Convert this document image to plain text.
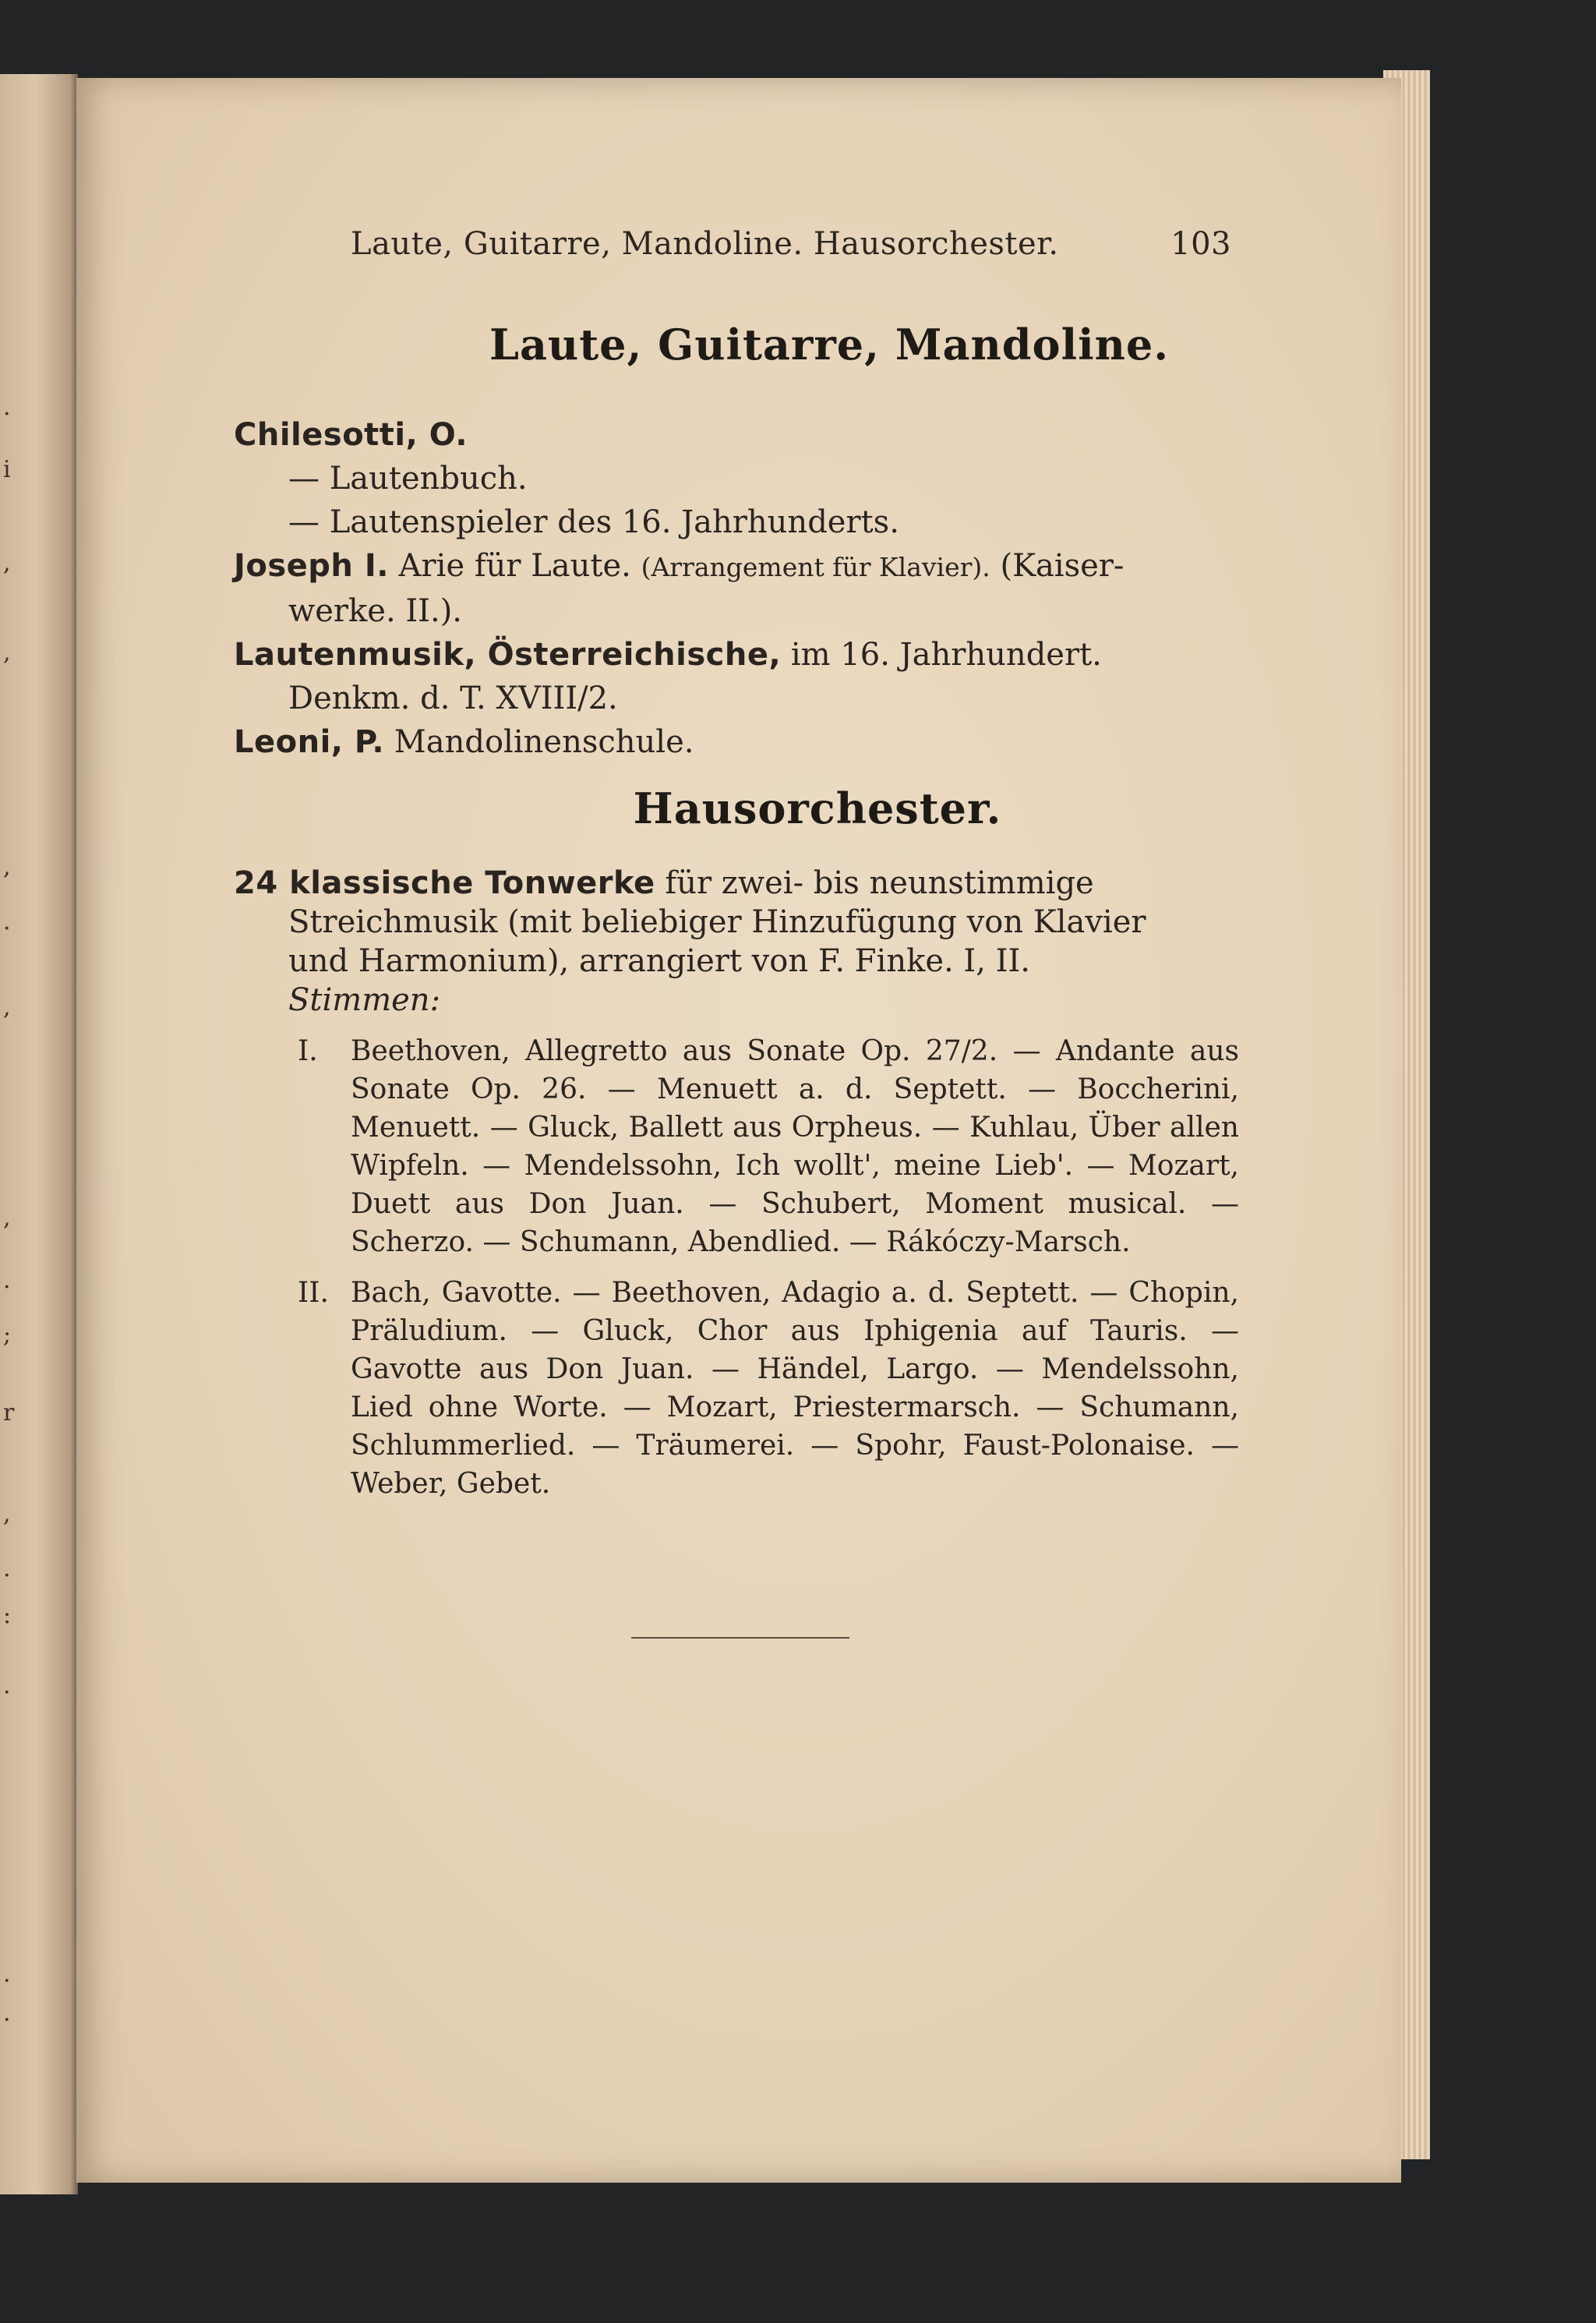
.
i
,
,
,
.
,
,
.
;
r
,
.
:
.
.
.
Laute, Guitarre, Mandoline. Hausorchester.	103
Laute, Guitarre, Mandoline.

Chilesotti, O.

— Lautenbuch.

— Lautenspieler des 16. Jahrhunderts.

Joseph I. Arie für Laute. (Arrangement für Klavier). (Kaiser-

werke. II.).

Lautenmusik, Österreichische, im 16. Jahrhundert.

Denkm. d. T. XVIII/2.

Leoni, P. Mandolinenschule.

Hausorchester.
24 klassische Tonwerke für zwei- bis neunstimmige
Streichmusik (mit beliebiger Hinzufügung von Klavier
und Harmonium), arrangiert von F. Finke. I, II.
Stimmen:
I. Beethoven, Allegretto aus Sonate Op. 27/2. — Andante aus Sonate Op. 26. — Menuett a. d. Septett. — Boccherini, Menuett. — Gluck, Ballett aus Orpheus. — Kuhlau, Über allen Wipfeln. — Mendelssohn, Ich wollt', meine Lieb'. — Mozart, Duett aus Don Juan. — Schubert, Moment musical. — Scherzo. — Schumann, Abendlied. — Rákóczy-Marsch.
II. Bach, Gavotte. — Beethoven, Adagio a. d. Septett. — Chopin, Präludium. — Gluck, Chor aus Iphigenia auf Tauris. — Gavotte aus Don Juan. — Händel, Largo. — Mendelssohn, Lied ohne Worte. — Mozart, Priestermarsch. — Schumann, Schlummerlied. — Träumerei. — Spohr, Faust-Polonaise. — Weber, Gebet.
